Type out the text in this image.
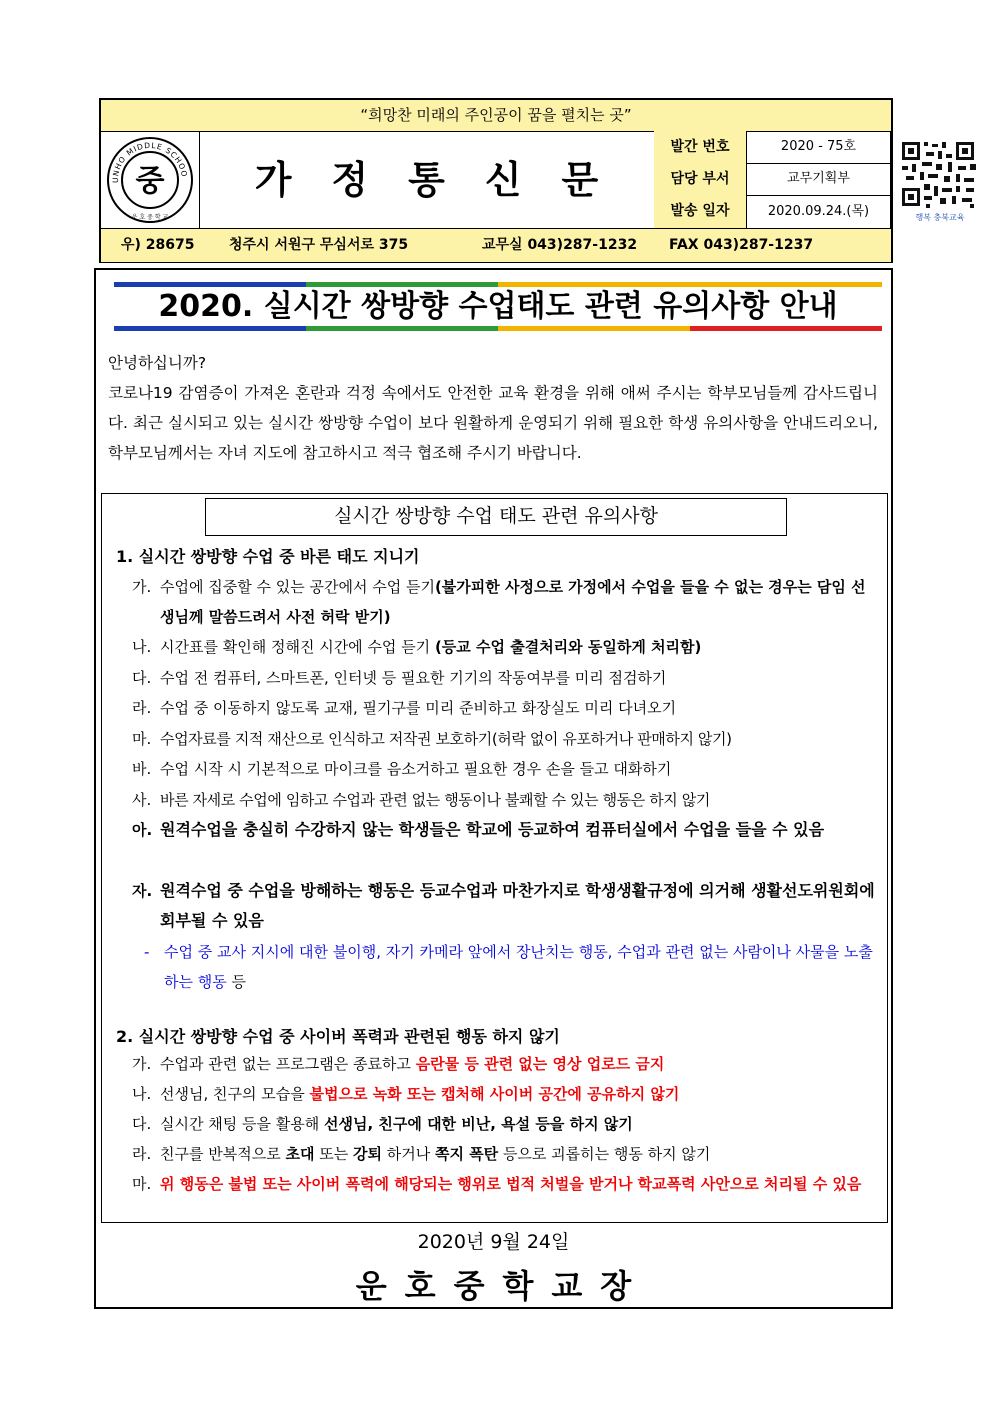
“희망찬 미래의 주인공이 꿈을 펼치는 곳”
UNHO MIDDLE SCHOO
중
운 호 중 학 교
가정통신문
발간 번호	2020 - 75호
담당 부서	교무기획부
발송 일자	2020.09.24.(목)	행복 충북교육
우) 28675 청주시 서원구 무심서로 375	교무실 043)287-1232 FAX 043)287-1237
2020. 실시간 쌍방향 수업태도 관련 유의사항 안내

안녕하십니까?

코로나19 감염증이 가져온 혼란과 걱정 속에서도 안전한 교육 환경을 위해 애써 주시는 학부모님들께 감사드립니다. 최근 실시되고 있는 실시간 쌍방향 수업이 보다 원활하게 운영되기 위해 필요한 학생 유의사항을 안내드리오니, 학부모님께서는 자녀 지도에 참고하시고 적극 협조해 주시기 바랍니다.

실시간 쌍방향 수업 태도 관련 유의사항
1. 실시간 쌍방향 수업 중 바른 태도 지니기
가. 수업에 집중할 수 있는 공간에서 수업 듣기(불가피한 사정으로 가정에서 수업을 들을 수 없는 경우는 담임 선생님께 말씀드려서 사전 허락 받기)
나. 시간표를 확인해 정해진 시간에 수업 듣기 (등교 수업 출결처리와 동일하게 처리함)
다. 수업 전 컴퓨터, 스마트폰, 인터넷 등 필요한 기기의 작동여부를 미리 점검하기
라. 수업 중 이동하지 않도록 교재, 필기구를 미리 준비하고 화장실도 미리 다녀오기
마. 수업자료를 지적 재산으로 인식하고 저작권 보호하기(허락 없이 유포하거나 판매하지 않기)
바. 수업 시작 시 기본적으로 마이크를 음소거하고 필요한 경우 손을 들고 대화하기
사. 바른 자세로 수업에 임하고 수업과 관련 없는 행동이나 불쾌할 수 있는 행동은 하지 않기
아. 원격수업을 충실히 수강하지 않는 학생들은 학교에 등교하여 컴퓨터실에서 수업을 들을 수 있음
자. 원격수업 중 수업을 방해하는 행동은 등교수업과 마찬가지로 학생생활규정에 의거해 생활선도위원회에 회부될 수 있음
- 수업 중 교사 지시에 대한 불이행, 자기 카메라 앞에서 장난치는 행동, 수업과 관련 없는 사람이나 사물을 노출하는 행동 등
2. 실시간 쌍방향 수업 중 사이버 폭력과 관련된 행동 하지 않기
가. 수업과 관련 없는 프로그램은 종료하고 음란물 등 관련 없는 영상 업로드 금지
나. 선생님, 친구의 모습을 불법으로 녹화 또는 캡처해 사이버 공간에 공유하지 않기
다. 실시간 채팅 등을 활용해 선생님, 친구에 대한 비난, 욕설 등을 하지 않기
라. 친구를 반복적으로 초대 또는 강퇴 하거나 쪽지 폭탄 등으로 괴롭히는 행동 하지 않기
마. 위 행동은 불법 또는 사이버 폭력에 해당되는 행위로 법적 처벌을 받거나 학교폭력 사안으로 처리될 수 있음
2020년 9월 24일
운호중학교장
